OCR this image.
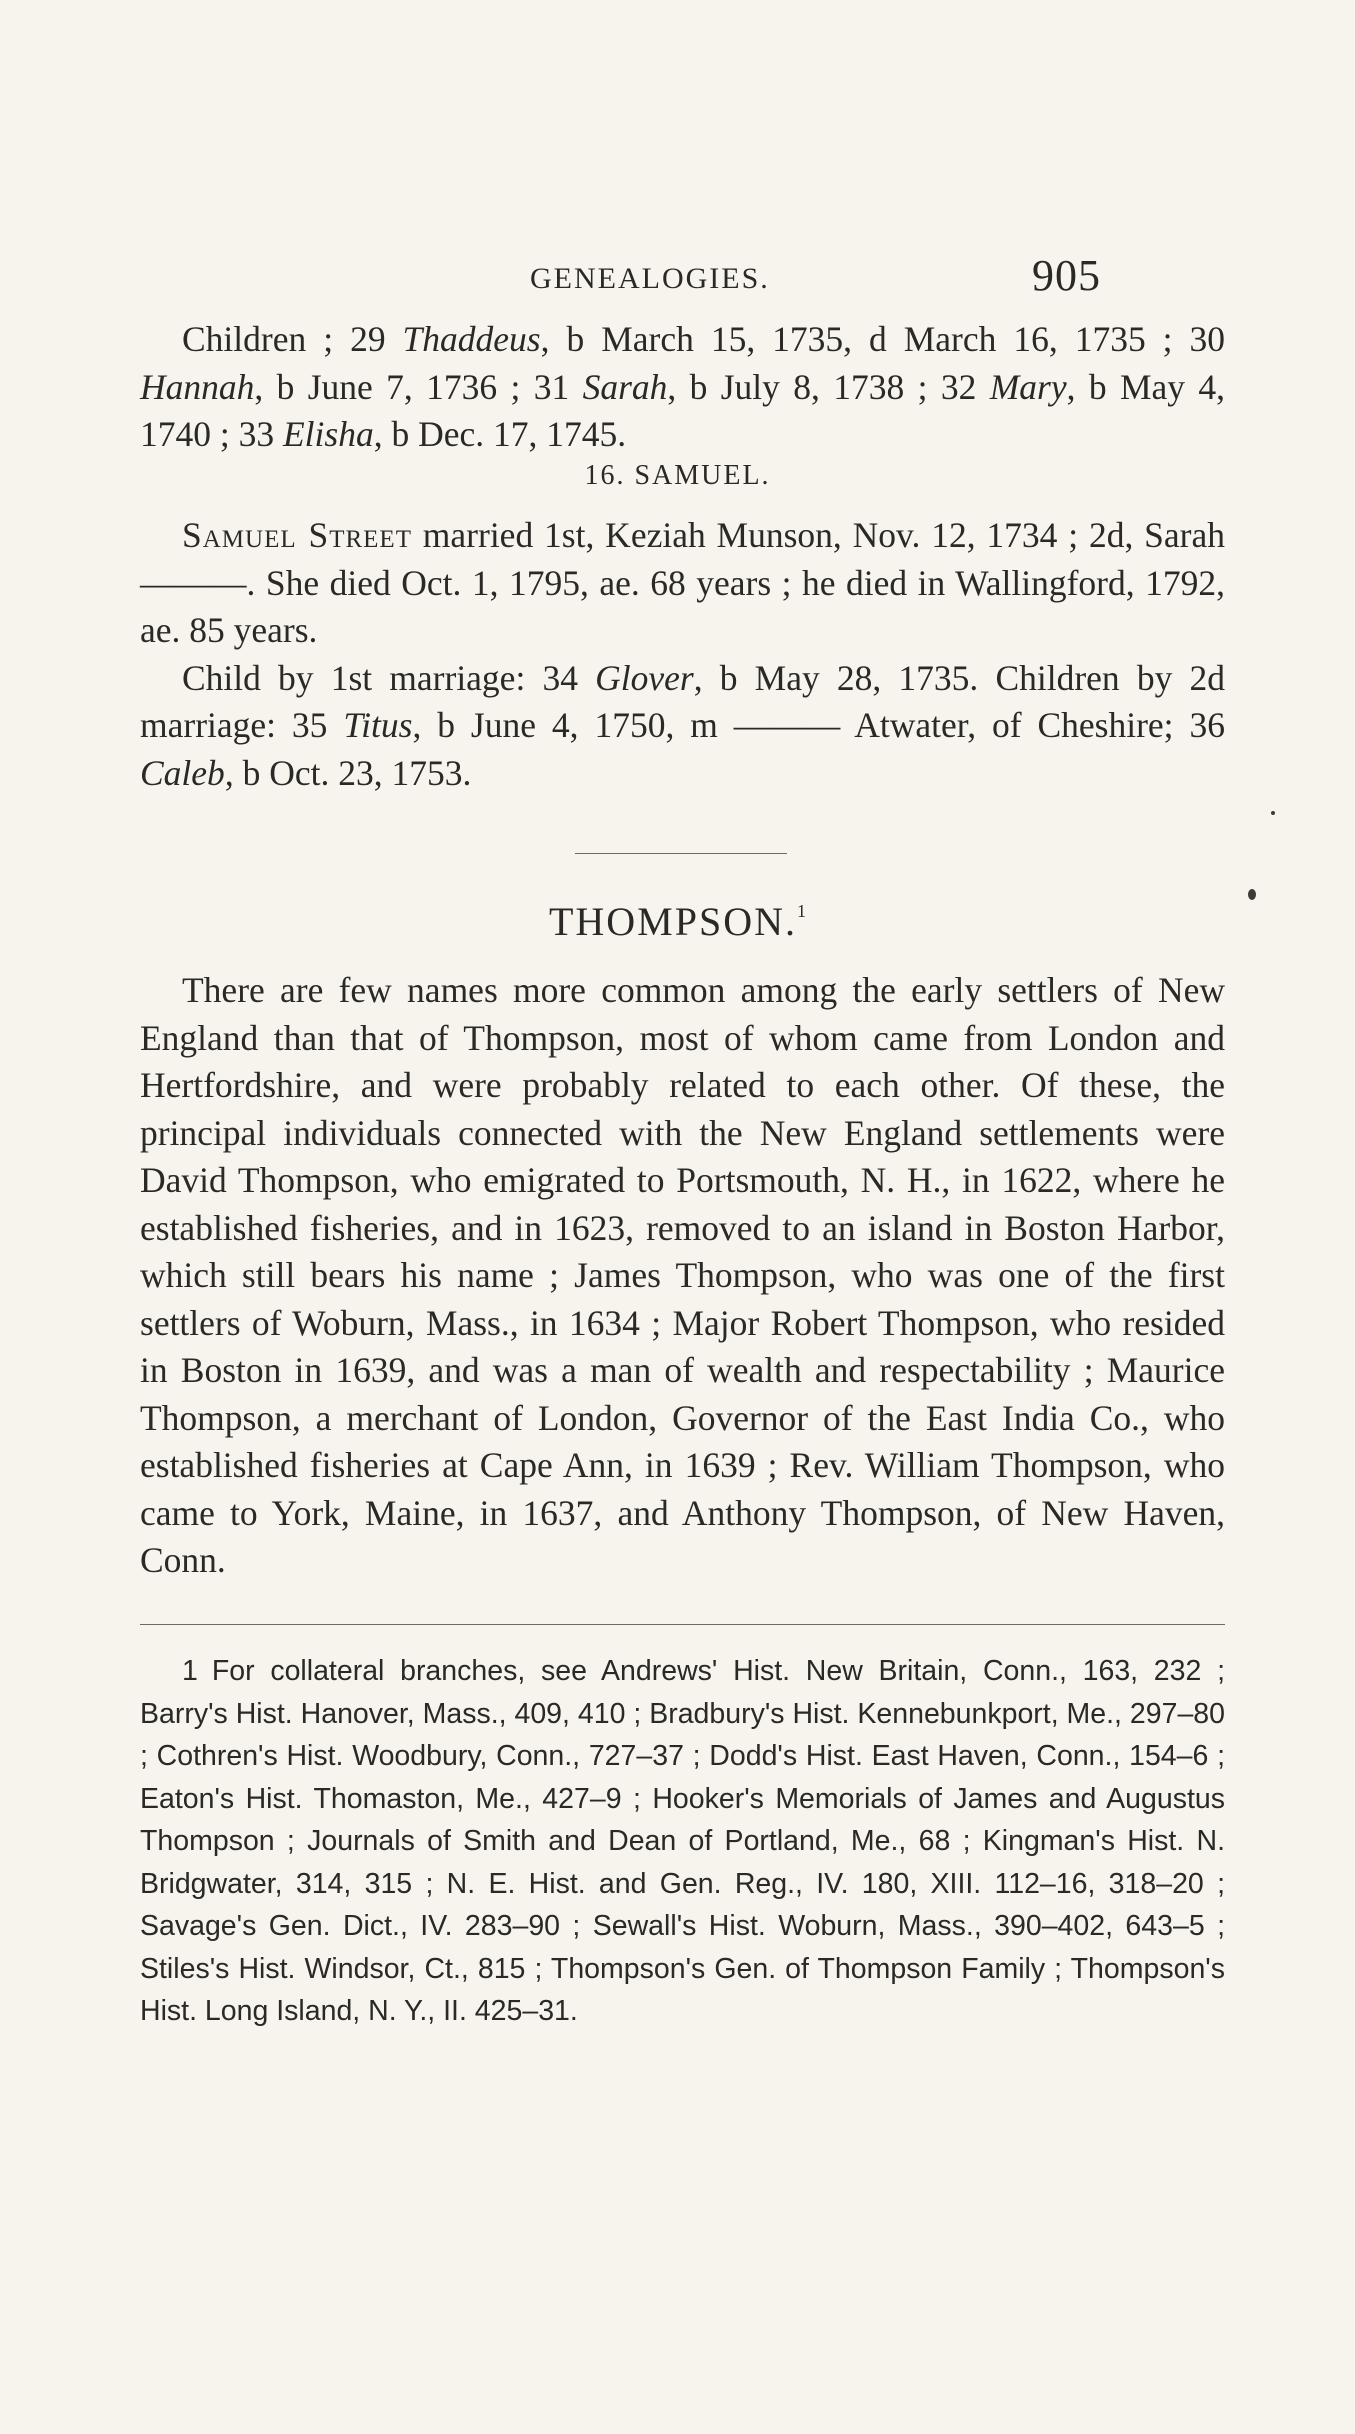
GENEALOGIES.	905
Children ; 29 Thaddeus, b March 15, 1735, d March 16, 1735 ; 30 Hannah, b June 7, 1736 ; 31 Sarah, b July 8, 1738 ; 32 Mary, b May 4, 1740 ; 33 Elisha, b Dec. 17, 1745.
16. SAMUEL.
Samuel Street married 1st, Keziah Munson, Nov. 12, 1734 ; 2d, Sarah ———. She died Oct. 1, 1795, ae. 68 years ; he died in Wallingford, 1792, ae. 85 years.
Child by 1st marriage: 34 Glover, b May 28, 1735. Children by 2d marriage: 35 Titus, b June 4, 1750, m ——— Atwater, of Cheshire; 36 Caleb, b Oct. 23, 1753.
THOMPSON.$^1$
There are few names more common among the early settlers of New England than that of Thompson, most of whom came from London and Hertfordshire, and were probably related to each other. Of these, the principal individuals connected with the New England settlements were David Thompson, who emigrated to Portsmouth, N. H., in 1622, where he established fisheries, and in 1623, removed to an island in Boston Harbor, which still bears his name ; James Thompson, who was one of the first settlers of Woburn, Mass., in 1634 ; Major Robert Thompson, who resided in Boston in 1639, and was a man of wealth and respectability ; Maurice Thompson, a merchant of London, Governor of the East India Co., who established fisheries at Cape Ann, in 1639 ; Rev. William Thompson, who came to York, Maine, in 1637, and Anthony Thompson, of New Haven, Conn.
1 For collateral branches, see Andrews' Hist. New Britain, Conn., 163, 232 ; Barry's Hist. Hanover, Mass., 409, 410 ; Bradbury's Hist. Kennebunkport, Me., 297–80 ; Cothren's Hist. Woodbury, Conn., 727–37 ; Dodd's Hist. East Haven, Conn., 154–6 ; Eaton's Hist. Thomaston, Me., 427–9 ; Hooker's Memorials of James and Augustus Thompson ; Journals of Smith and Dean of Portland, Me., 68 ; Kingman's Hist. N. Bridgwater, 314, 315 ; N. E. Hist. and Gen. Reg., IV. 180, XIII. 112–16, 318–20 ; Savage's Gen. Dict., IV. 283–90 ; Sewall's Hist. Woburn, Mass., 390–402, 643–5 ; Stiles's Hist. Windsor, Ct., 815 ; Thompson's Gen. of Thompson Family ; Thompson's Hist. Long Island, N. Y., II. 425–31.
